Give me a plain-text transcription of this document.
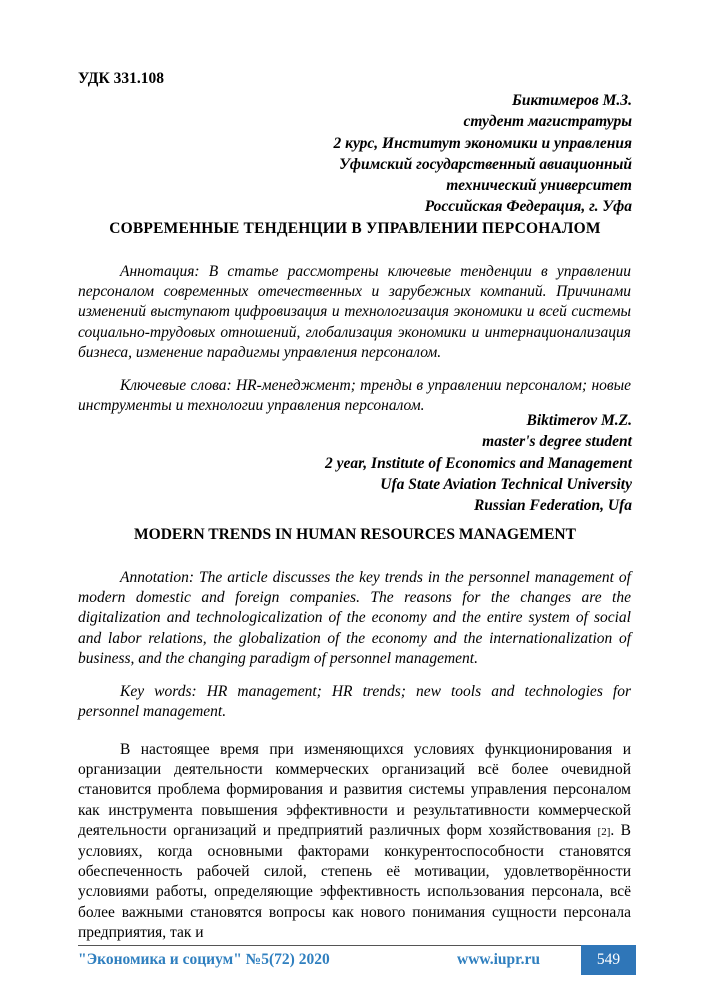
УДК 331.108
Биктимеров М.З.
студент магистратуры
2 курс, Институт экономики и управления
Уфимский государственный авиационный
технический университет
Российская Федерация, г. Уфа
СОВРЕМЕННЫЕ ТЕНДЕНЦИИ В УПРАВЛЕНИИ ПЕРСОНАЛОМ

Аннотация: В статье рассмотрены ключевые тенденции в управлении персоналом современных отечественных и зарубежных компаний. Причинами изменений выступают цифровизация и технологизация экономики и всей системы социально-трудовых отношений, глобализация экономики и интернационализация бизнеса, изменение парадигмы управления персоналом.

Ключевые слова: HR-менеджмент; тренды в управлении персоналом; новые инструменты и технологии управления персоналом.

Biktimerov M.Z.
master's degree student
2 year, Institute of Economics and Management
Ufa State Aviation Technical University
Russian Federation, Ufa
MODERN TRENDS IN HUMAN RESOURCES MANAGEMENT

Annotation: The article discusses the key trends in the personnel management of modern domestic and foreign companies. The reasons for the changes are the digitalization and technologicalization of the economy and the entire system of social and labor relations, the globalization of the economy and the internationalization of business, and the changing paradigm of personnel management.

Key words: HR management; HR trends; new tools and technologies for personnel management.

В настоящее время при изменяющихся условиях функционирования и организации деятельности коммерческих организаций всё более очевидной становится проблема формирования и развития системы управления персоналом как инструмента повышения эффективности и результативности коммерческой деятельности организаций и предприятий различных форм хозяйствования [2]. В условиях, когда основными факторами конкурентоспособности становятся обеспеченность рабочей силой, степень её мотивации, удовлетворённости условиями работы, определяющие эффективность использования персонала, всё более важными становятся вопросы как нового понимания сущности персонала предприятия, так и

"Экономика и социум" №5(72) 2020	www.iupr.ru	549
